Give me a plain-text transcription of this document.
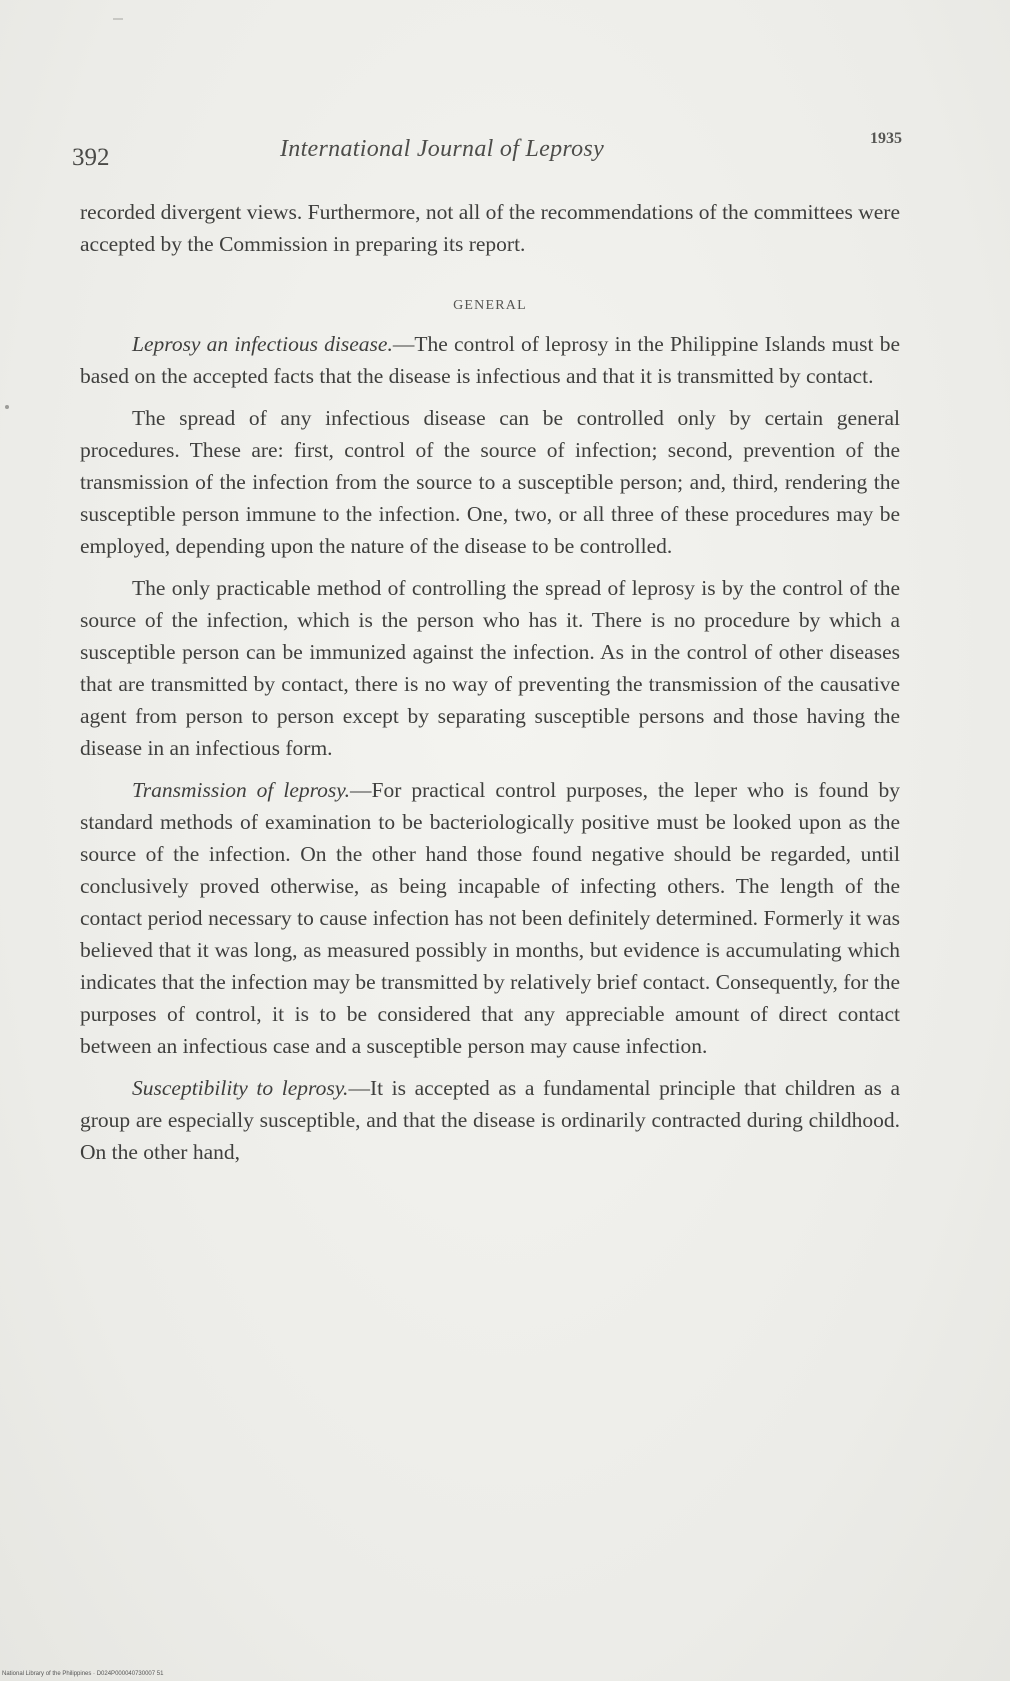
392	International Journal of Leprosy	1935

recorded divergent views. Furthermore, not all of the recommendations of the committees were accepted by the Commission in preparing its report.

GENERAL

Leprosy an infectious disease.—The control of leprosy in the Philippine Islands must be based on the accepted facts that the disease is infectious and that it is transmitted by contact.

The spread of any infectious disease can be controlled only by certain general procedures. These are: first, control of the source of infection; second, prevention of the transmission of the infection from the source to a susceptible person; and, third, rendering the susceptible person immune to the infection. One, two, or all three of these procedures may be employed, depending upon the nature of the disease to be controlled.

The only practicable method of controlling the spread of leprosy is by the control of the source of the infection, which is the person who has it. There is no procedure by which a susceptible person can be immunized against the infection. As in the control of other diseases that are transmitted by contact, there is no way of preventing the transmission of the causative agent from person to person except by separating susceptible persons and those having the disease in an infectious form.

Transmission of leprosy.—For practical control purposes, the leper who is found by standard methods of examination to be bacteriologically positive must be looked upon as the source of the infection. On the other hand those found negative should be regarded, until conclusively proved otherwise, as being incapable of infecting others. The length of the contact period necessary to cause infection has not been definitely determined. Formerly it was believed that it was long, as measured possibly in months, but evidence is accumulating which indicates that the infection may be transmitted by relatively brief contact. Consequently, for the purposes of control, it is to be considered that any appreciable amount of direct contact between an infectious case and a susceptible person may cause infection.

Susceptibility to leprosy.—It is accepted as a fundamental principle that children as a group are especially susceptible, and that the disease is ordinarily contracted during childhood. On the other hand,

National Library of the Philippines · D024P000040730007 51
